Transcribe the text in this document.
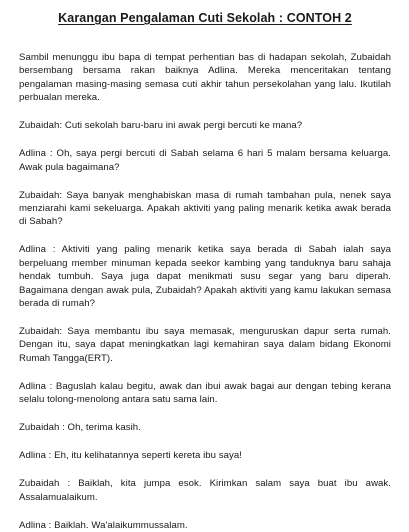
Karangan Pengalaman Cuti Sekolah : CONTOH 2

Sambil menunggu ibu bapa di tempat perhentian bas di hadapan sekolah, Zubaidah bersembang bersama rakan baiknya Adlina. Mereka menceritakan tentang pengalaman masing-masing semasa cuti akhir tahun persekolahan yang lalu. Ikutilah perbualan mereka.

Zubaidah: Cuti sekolah baru-baru ini awak pergi bercuti ke mana?

Adlina : Oh, saya pergi bercuti di Sabah selama 6 hari 5 malam bersama keluarga. Awak pula bagaimana?

Zubaidah: Saya banyak menghabiskan masa di rumah tambahan pula, nenek saya menziarahi kami sekeluarga. Apakah aktiviti yang paling menarik ketika awak berada di Sabah?

Adlina : Aktiviti yang paling menarik ketika saya berada di Sabah ialah saya berpeluang member minuman kepada seekor kambing yang tanduknya baru sahaja hendak tumbuh. Saya juga dapat menikmati susu segar yang baru diperah. Bagaimana dengan awak pula, Zubaidah? Apakah aktiviti yang kamu lakukan semasa berada di rumah?

Zubaidah: Saya membantu ibu saya memasak, menguruskan dapur serta rumah. Dengan itu, saya dapat meningkatkan lagi kemahiran saya dalam bidang Ekonomi Rumah Tangga(ERT).

Adlina : Baguslah kalau begitu, awak dan ibui awak bagai aur dengan tebing kerana selalu tolong-menolong antara satu sama lain.

Zubaidah : Oh, terima kasih.

Adlina : Eh, itu kelihatannya seperti kereta ibu saya!

Zubaidah : Baiklah, kita jumpa esok. Kirimkan salam saya buat ibu awak. Assalamualaikum.

Adlina : Baiklah. Wa'alaikummussalam.
